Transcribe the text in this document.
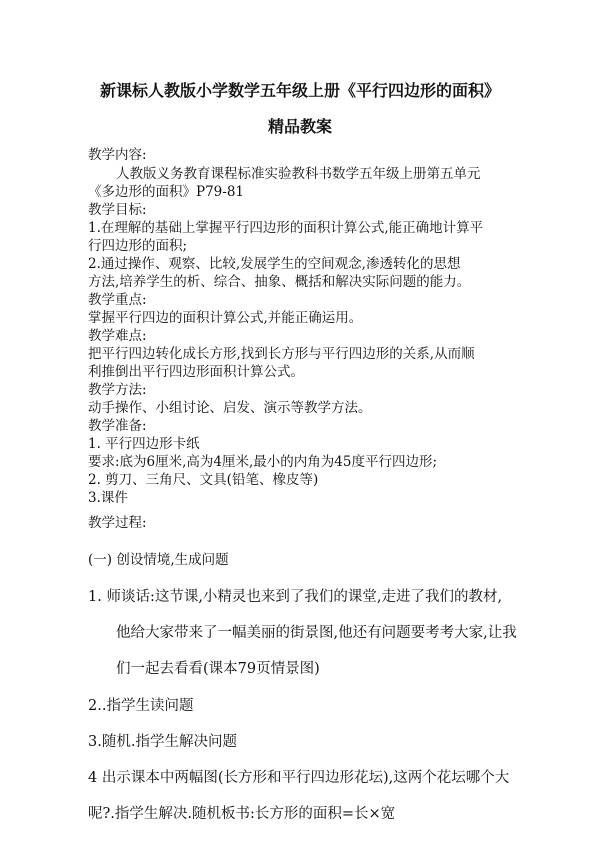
新课标人教版小学数学五年级上册《平行四边形的面积》
精品教案
教学内容:
人教版义务教育课程标准实验教科书数学五年级上册第五单元
《多边形的面积》P79-81
教学目标:
1.在理解的基础上掌握平行四边形的面积计算公式,能正确地计算平
行四边形的面积;
2.通过操作、观察、比较,发展学生的空间观念,渗透转化的思想
方法,培养学生的析、综合、抽象、概括和解决实际问题的能力。
教学重点:
掌握平行四边的面积计算公式,并能正确运用。
教学难点:
把平行四边转化成长方形,找到长方形与平行四边形的关系,从而顺
利推倒出平行四边形面积计算公式。
教学方法:
动手操作、小组讨论、启发、演示等教学方法。
教学准备:
1. 平行四边形卡纸
要求:底为6厘米,高为4厘米,最小的内角为45度平行四边形;
2. 剪刀、三角尺、文具(铅笔、橡皮等)
3.课件
教学过程:
(一) 创设情境,生成问题
1. 师谈话:这节课,小精灵也来到了我们的课堂,走进了我们的教材,
他给大家带来了一幅美丽的街景图,他还有问题要考考大家,让我
们一起去看看(课本79页情景图)
2..指学生读问题
3.随机.指学生解决问题
4 出示课本中两幅图(长方形和平行四边形花坛),这两个花坛哪个大
呢?.指学生解决.随机板书:长方形的面积=长×宽
